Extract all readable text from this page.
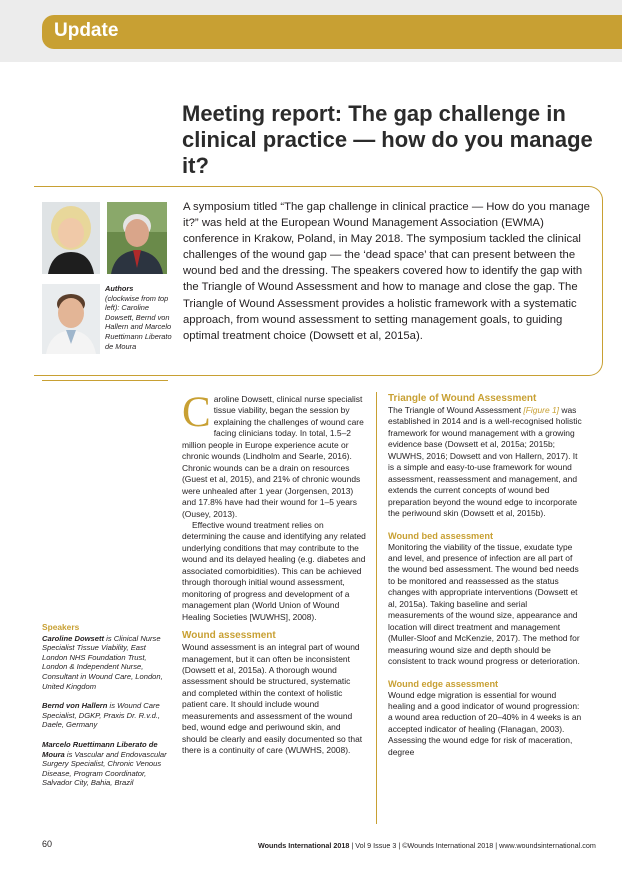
Update
Meeting report: The gap challenge in clinical practice — how do you manage it?
A symposium titled “The gap challenge in clinical practice — How do you manage it?” was held at the European Wound Management Association (EWMA) conference in Krakow, Poland, in May 2018. The symposium tackled the clinical challenges of the wound gap — the ‘dead space’ that can present between the wound bed and the dressing. The speakers covered how to identify the gap with the Triangle of Wound Assessment and how to manage and close the gap. The Triangle of Wound Assessment provides a holistic framework with a systematic approach, from wound assessment to setting management goals, to guiding optimal treatment choice (Dowsett et al, 2015a).
Authors
(clockwise from top left): Caroline Dowsett, Bernd von Hallern and Marcelo Ruettimann Liberato de Moura
Speakers
Caroline Dowsett is Clinical Nurse Specialist Tissue Viability, East London NHS Foundation Trust, London & Independent Nurse, Consultant in Wound Care, London, United Kingdom
Bernd von Hallern is Wound Care Specialist, DGKP, Praxis Dr. R.v.d., Daele, Germany
Marcelo Ruettimann Liberato de Moura is Vascular and Endovascular Surgery Specialist, Chronic Venous Disease, Program Coordinator, Salvador City, Bahia, Brazil

Caroline Dowsett, clinical nurse specialist tissue viability, began the session by explaining the challenges of wound care facing clinicians today. In total, 1.5–2 million people in Europe experience acute or chronic wounds (Lindholm and Searle, 2016). Chronic wounds can be a drain on resources (Guest et al, 2015), and 21% of chronic wounds were unhealed after 1 year (Jorgensen, 2013) and 17.8% have had their wound for 1–5 years (Ousey, 2013).

Effective wound treatment relies on determining the cause and identifying any related underlying conditions that may contribute to the wound and its delayed healing (e.g. diabetes and associated comorbidities). This can be achieved through thorough initial wound assessment, monitoring of progress and development of a management plan (World Union of Wound Healing Societies [WUWHS], 2008).

Wound assessment

Wound assessment is an integral part of wound management, but it can often be inconsistent (Dowsett et al, 2015a). A thorough wound assessment should be structured, systematic and completed within the context of holistic patient care. It should include wound measurements and assessment of the wound bed, wound edge and periwound skin, and should be clearly and easily documented so that there is a continuity of care (WUWHS, 2008).

Triangle of Wound Assessment

The Triangle of Wound Assessment [Figure 1] was established in 2014 and is a well-recognised holistic framework for wound management with a growing evidence base (Dowsett et al, 2015a; 2015b; WUWHS, 2016; Dowsett and von Hallern, 2017). It is a simple and easy-to-use framework for wound assessment, reassessment and management, and extends the current concepts of wound bed preparation beyond the wound edge to incorporate the periwound skin (Dowsett et al, 2015b).

Wound bed assessment

Monitoring the viability of the tissue, exudate type and level, and presence of infection are all part of the wound bed assessment. The wound bed needs to be monitored and reassessed as the status changes with appropriate interventions (Dowsett et al, 2015a). Taking baseline and serial measurements of the wound size, appearance and location will direct treatment and management (Muller-Sloof and McKenzie, 2017). The method for measuring wound size and depth should be consistent to track wound progress or deterioration.

Wound edge assessment

Wound edge migration is essential for wound healing and a good indicator of wound progression: a wound area reduction of 20–40% in 4 weeks is an accepted indicator of healing (Flanagan, 2003). Assessing the wound edge for risk of maceration, degree

60	Wounds International 2018 | Vol 9 Issue 3 | ©Wounds International 2018 | www.woundsinternational.com
